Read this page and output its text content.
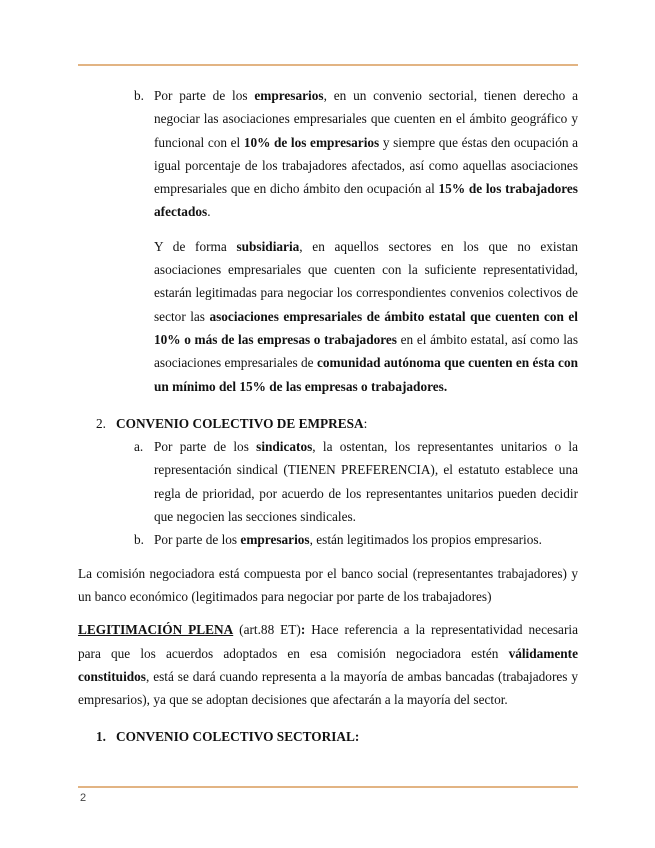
b. Por parte de los empresarios, en un convenio sectorial, tienen derecho a negociar las asociaciones empresariales que cuenten en el ámbito geográfico y funcional con el 10% de los empresarios y siempre que éstas den ocupación a igual porcentaje de los trabajadores afectados, así como aquellas asociaciones empresariales que en dicho ámbito den ocupación al 15% de los trabajadores afectados.
Y de forma subsidiaria, en aquellos sectores en los que no existan asociaciones empresariales que cuenten con la suficiente representatividad, estarán legitimadas para negociar los correspondientes convenios colectivos de sector las asociaciones empresariales de ámbito estatal que cuenten con el 10% o más de las empresas o trabajadores en el ámbito estatal, así como las asociaciones empresariales de comunidad autónoma que cuenten en ésta con un mínimo del 15% de las empresas o trabajadores.
2. CONVENIO COLECTIVO DE EMPRESA:
a. Por parte de los sindicatos, la ostentan, los representantes unitarios o la representación sindical (TIENEN PREFERENCIA), el estatuto establece una regla de prioridad, por acuerdo de los representantes unitarios pueden decidir que negocien las secciones sindicales.
b. Por parte de los empresarios, están legitimados los propios empresarios.

La comisión negociadora está compuesta por el banco social (representantes trabajadores) y un banco económico (legitimados para negociar por parte de los trabajadores)

LEGITIMACIÓN PLENA (art.88 ET): Hace referencia a la representatividad necesaria para que los acuerdos adoptados en esa comisión negociadora estén válidamente constituidos, está se dará cuando representa a la mayoría de ambas bancadas (trabajadores y empresarios), ya que se adoptan decisiones que afectarán a la mayoría del sector.

1. CONVENIO COLECTIVO SECTORIAL:
2
